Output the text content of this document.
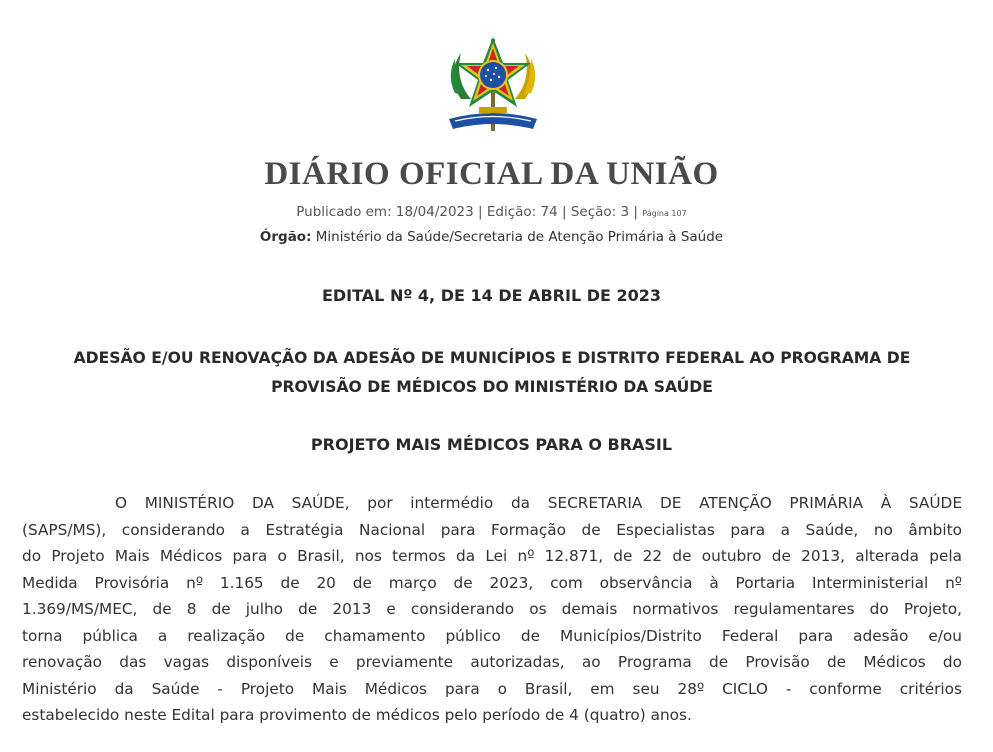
DIÁRIO OFICIAL DA UNIÃO
Publicado em: 18/04/2023 | Edição: 74 | Seção: 3 | Página 107
Órgão: Ministério da Saúde/Secretaria de Atenção Primária à Saúde
EDITAL Nº 4, DE 14 DE ABRIL DE 2023
ADESÃO E/OU RENOVAÇÃO DA ADESÃO DE MUNICÍPIOS E DISTRITO FEDERAL AO PROGRAMA DE
PROVISÃO DE MÉDICOS DO MINISTÉRIO DA SAÚDE
PROJETO MAIS MÉDICOS PARA O BRASIL
O MINISTÉRIO DA SAÚDE, por intermédio da SECRETARIA DE ATENÇÃO PRIMÁRIA À SAÚDE
(SAPS/MS), considerando a Estratégia Nacional para Formação de Especialistas para a Saúde, no âmbito
do Projeto Mais Médicos para o Brasil, nos termos da Lei nº 12.871, de 22 de outubro de 2013, alterada pela
Medida Provisória nº 1.165 de 20 de março de 2023, com observância à Portaria Interministerial nº
1.369/MS/MEC, de 8 de julho de 2013 e considerando os demais normativos regulamentares do Projeto,
torna pública a realização de chamamento público de Municípios/Distrito Federal para adesão e/ou
renovação das vagas disponíveis e previamente autorizadas, ao Programa de Provisão de Médicos do
Ministério da Saúde - Projeto Mais Médicos para o Brasil, em seu 28º CICLO - conforme critérios
estabelecido neste Edital para provimento de médicos pelo período de 4 (quatro) anos.
